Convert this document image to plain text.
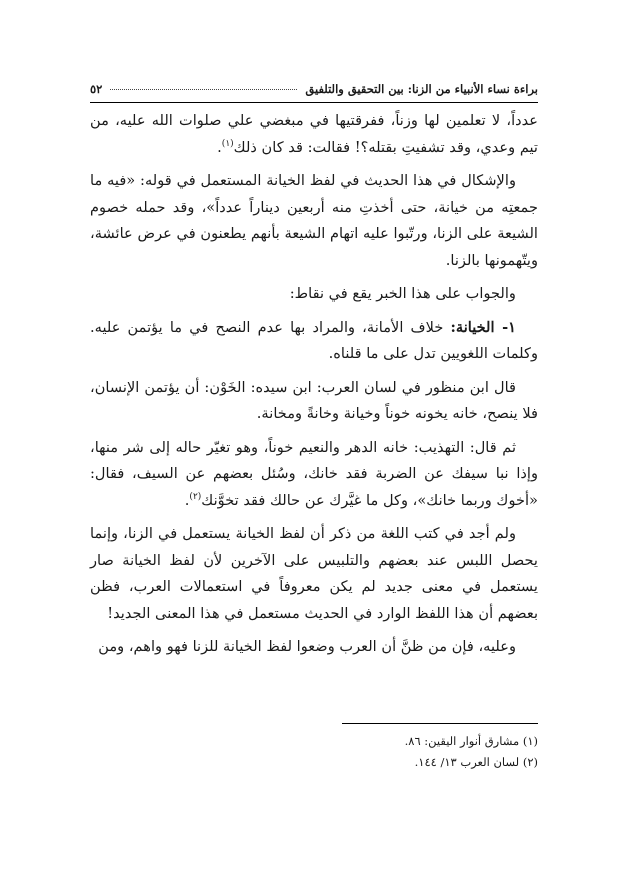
براءة نساء الأنبياء من الزنا: بين التحقيق والتلفيق
٥٢

عدداً، لا تعلمين لها وزناً، ففرقتيها في مبغضي علي صلوات الله عليه، من تيم وعدي، وقد تشفيتِ بقتله؟! فقالت: قد كان ذلك$^{(١)}$.

والإشكال في هذا الحديث في لفظ الخيانة المستعمل في قوله: «فيه ما جمعتِه من خيانة، حتى أخذتِ منه أربعين ديناراً عدداً»، وقد حمله خصوم الشيعة على الزنا، ورتّبوا عليه اتهام الشيعة بأنهم يطعنون في عرض عائشة، ويتّهمونها بالزنا.

والجواب على هذا الخبر يقع في نقاط:

١- الخيانة: خلاف الأمانة، والمراد بها عدم النصح في ما يؤتمن عليه. وكلمات اللغويين تدل على ما قلناه.

قال ابن منظور في لسان العرب: ابن سيده: الخَوْن: أن يؤتمن الإنسان، فلا ينصح، خانه يخونه خوناً وخيانة وخانةً ومخانة.

ثم قال: التهذيب: خانه الدهر والنعيم خوناً، وهو تغيّر حاله إلى شر منها، وإذا نبا سيفك عن الضربة فقد خانك، وسُئل بعضهم عن السيف، فقال: «أخوك وربما خانك»، وكل ما غيَّرك عن حالك فقد تخوَّنك$^{(٢)}$.

ولم أجد في كتب اللغة من ذكر أن لفظ الخيانة يستعمل في الزنا، وإنما يحصل اللبس عند بعضهم والتلبيس على الآخرين لأن لفظ الخيانة صار يستعمل في معنى جديد لم يكن معروفاً في استعمالات العرب، فظن بعضهم أن هذا اللفظ الوارد في الحديث مستعمل في هذا المعنى الجديد!

وعليه، فإن من ظنَّ أن العرب وضعوا لفظ الخيانة للزنا فهو واهم، ومن

(١) مشارق أنوار اليقين: ٨٦.
(٢) لسان العرب ١٣/ ١٤٤.
